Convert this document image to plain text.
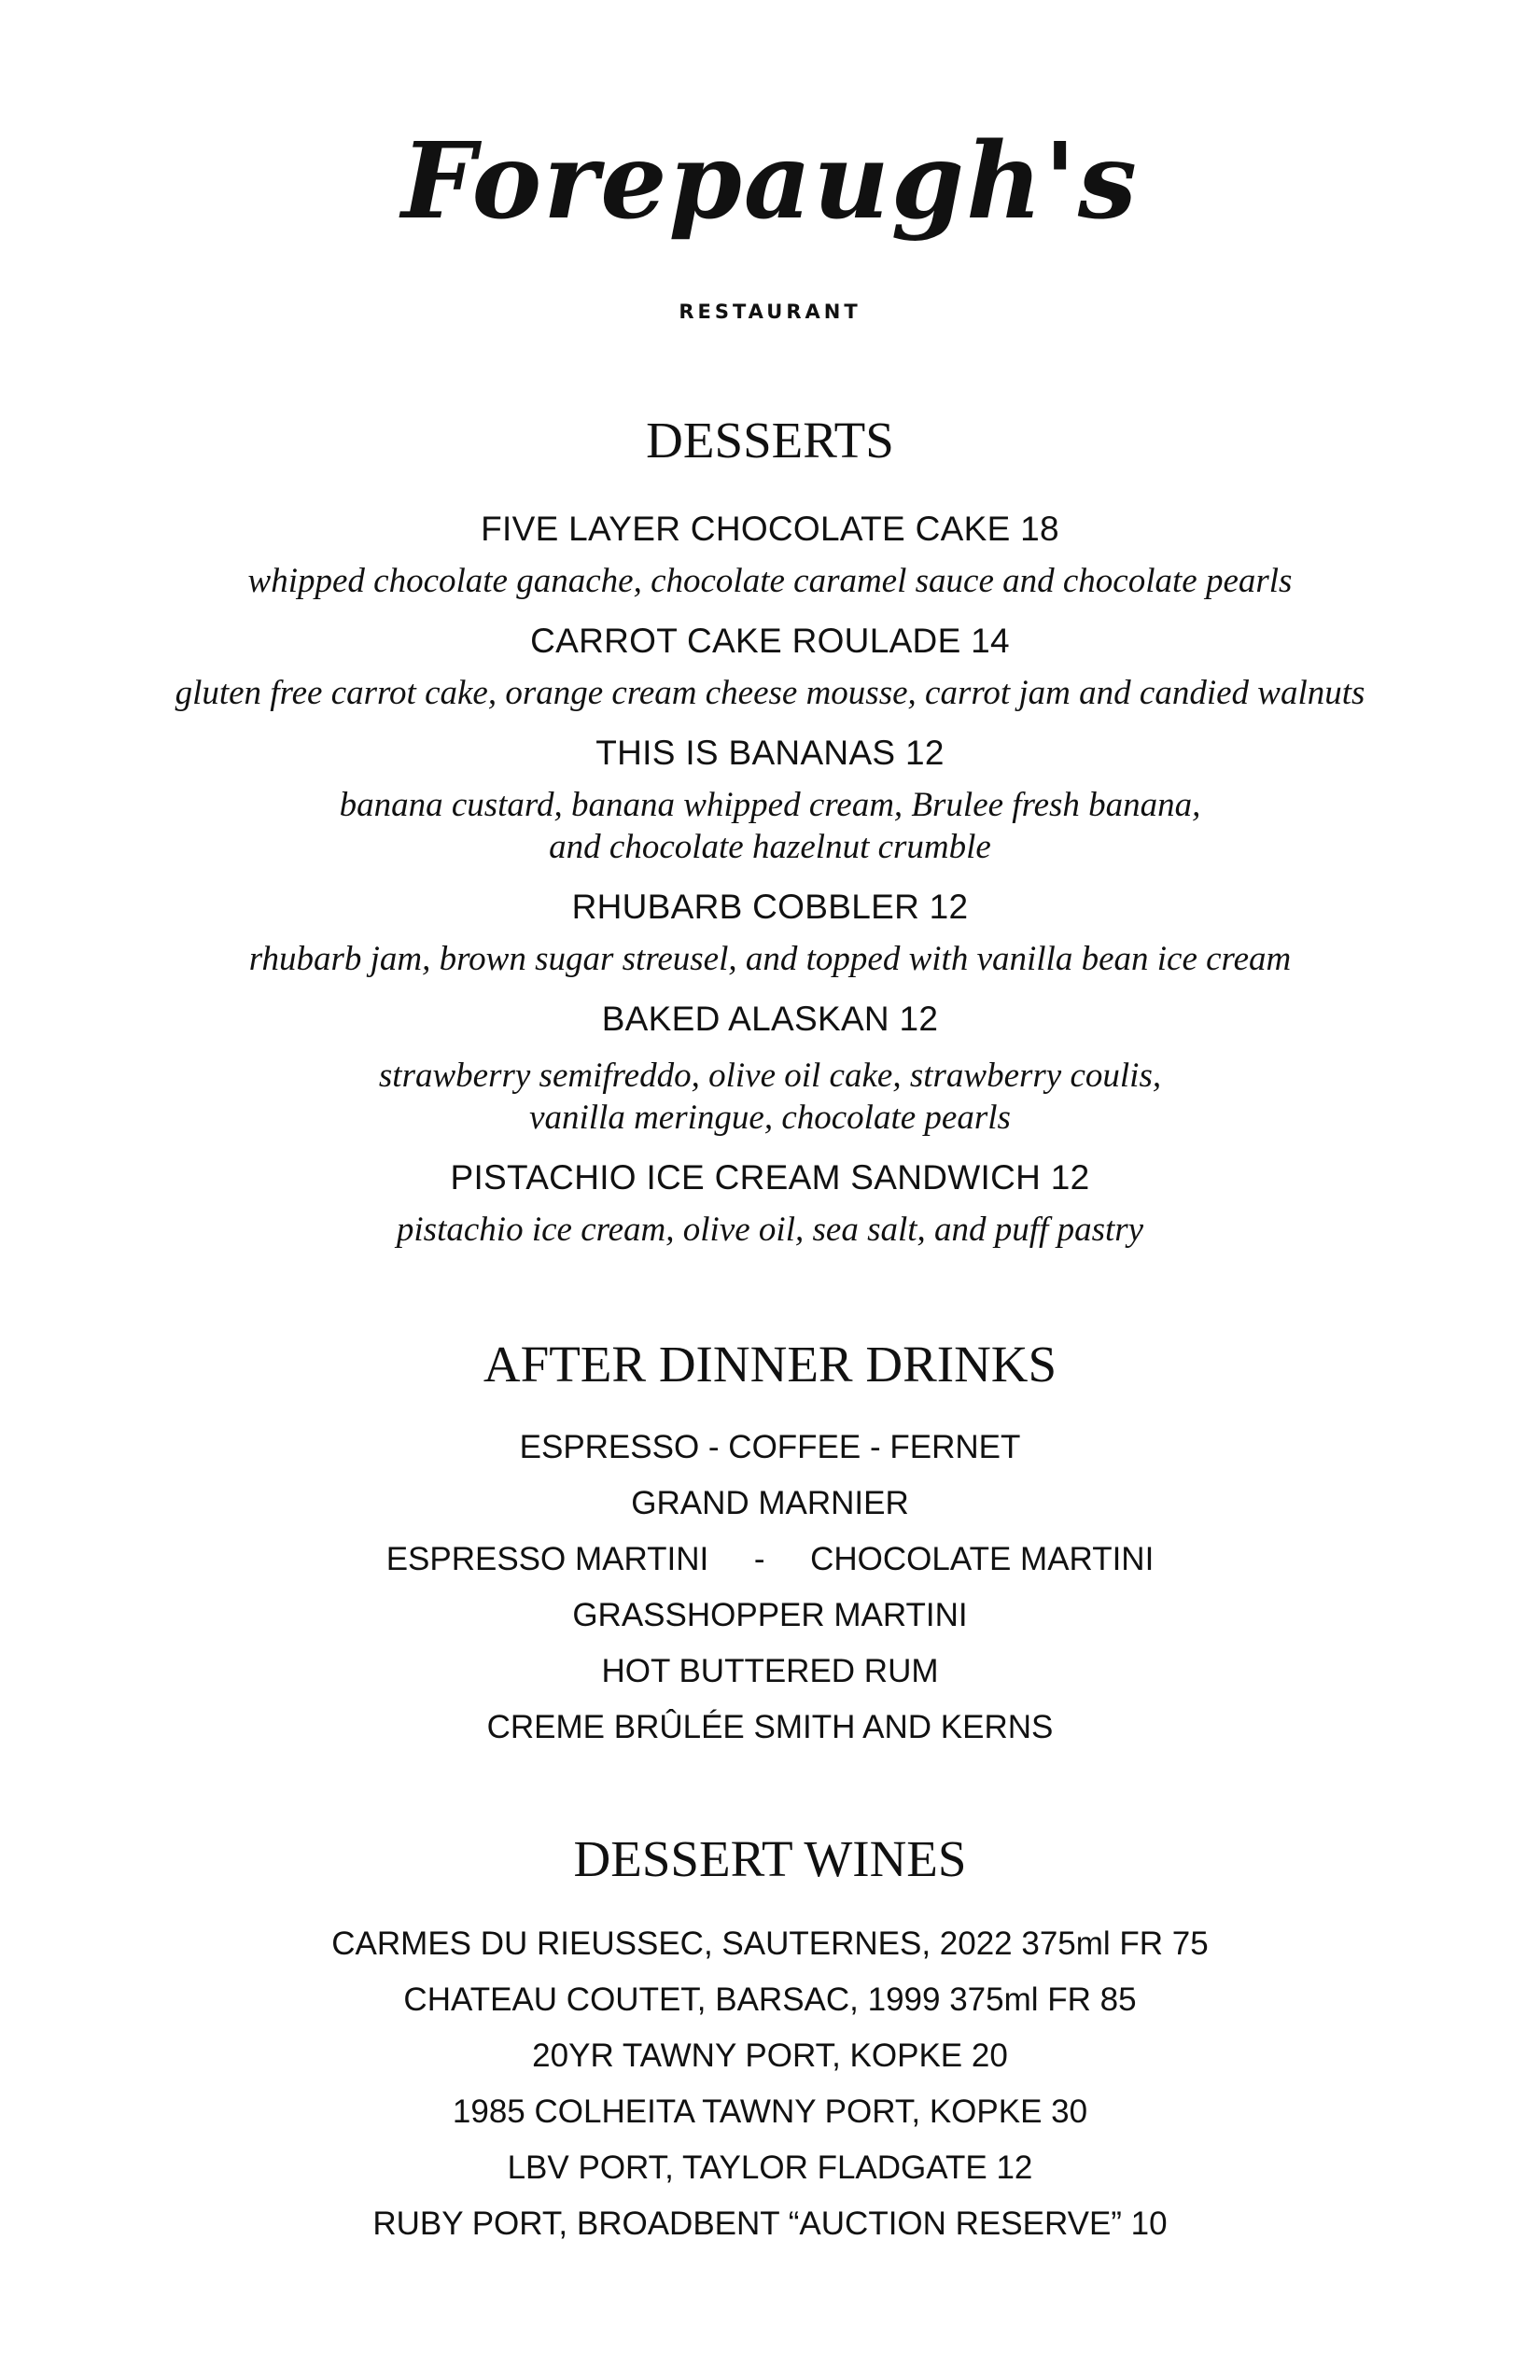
Forepaugh's
RESTAURANT
DESSERTS
FIVE LAYER CHOCOLATE CAKE 18
whipped chocolate ganache, chocolate caramel sauce and chocolate pearls
CARROT CAKE ROULADE 14
gluten free carrot cake, orange cream cheese mousse, carrot jam and candied walnuts
THIS IS BANANAS 12
banana custard, banana whipped cream, Brulee fresh banana,
and chocolate hazelnut crumble
RHUBARB COBBLER 12
rhubarb jam, brown sugar streusel, and topped with vanilla bean ice cream
BAKED ALASKAN 12
strawberry semifreddo, olive oil cake, strawberry coulis,
vanilla meringue, chocolate pearls
PISTACHIO ICE CREAM SANDWICH 12
pistachio ice cream, olive oil, sea salt, and puff pastry
AFTER DINNER DRINKS
ESPRESSO - COFFEE - FERNET
GRAND MARNIER
ESPRESSO MARTINI     -     CHOCOLATE MARTINI
GRASSHOPPER MARTINI
HOT BUTTERED RUM
CREME BRÛLÉE SMITH AND KERNS
DESSERT WINES
CARMES DU RIEUSSEC, SAUTERNES, 2022 375ml FR 75
CHATEAU COUTET, BARSAC, 1999 375ml FR 85
20YR TAWNY PORT, KOPKE 20
1985 COLHEITA TAWNY PORT, KOPKE 30
LBV PORT, TAYLOR FLADGATE 12
RUBY PORT, BROADBENT “AUCTION RESERVE” 10
